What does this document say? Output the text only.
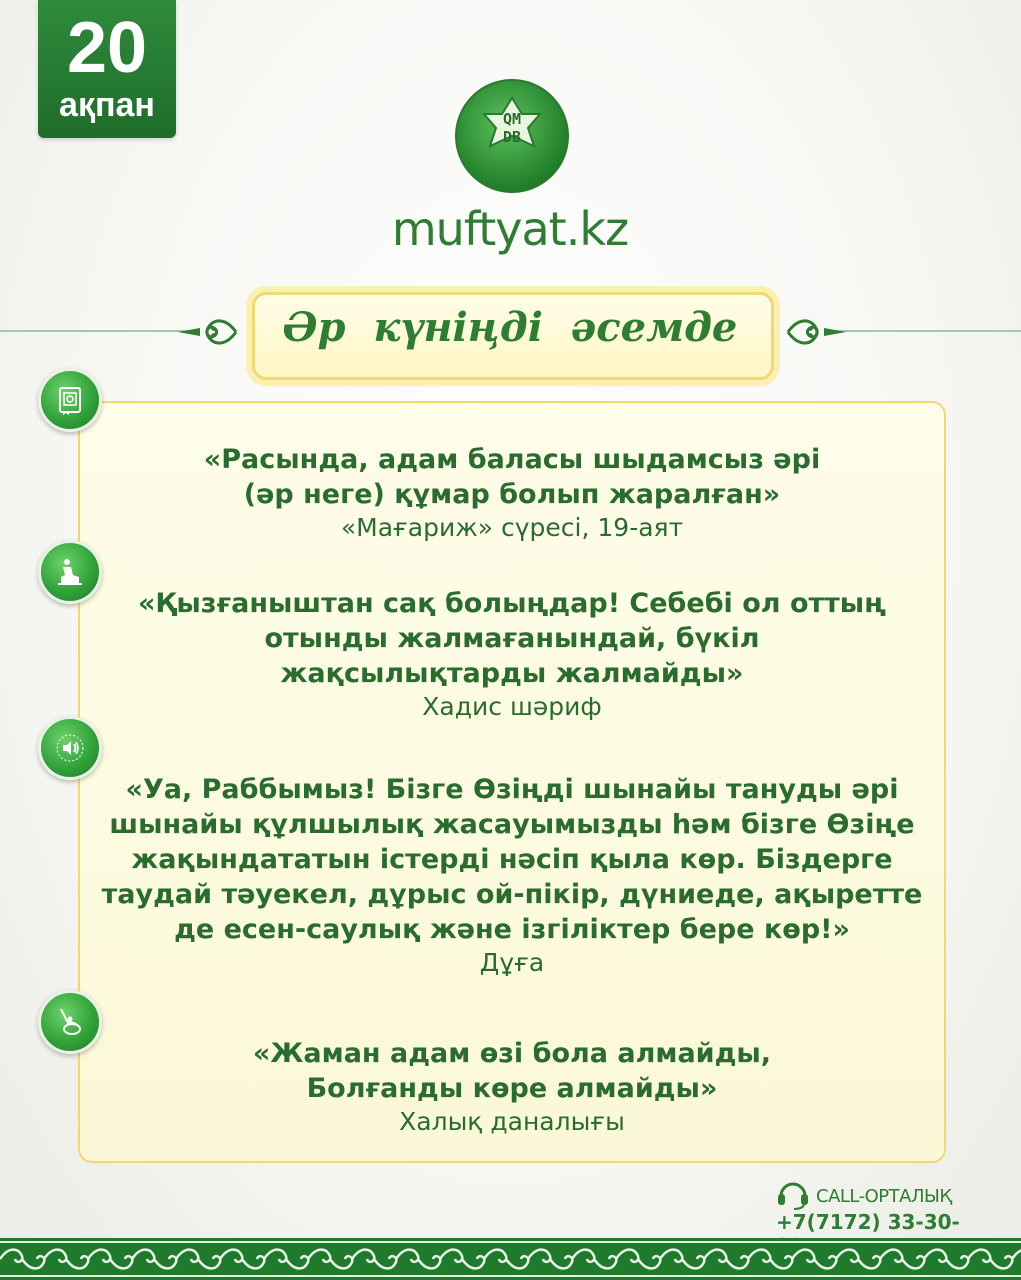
20
ақпан	QM
DB
muftyat.kz
Әр күніңді әсемде
«Расында, адам баласы шыдамсыз әрі
(әр неге) құмар болып жаралған»
«Мағариж» сүресі, 19-аят
«Қызғаныштан сақ болыңдар! Себебі ол оттың
отынды жалмағанындай, бүкіл
жақсылықтарды жалмайды»
Хадис шәриф
«Уа, Раббымыз! Бізге Өзіңді шынайы тануды әрі
шынайы құлшылық жасауымызды һәм бізге Өзіңе
жақындататын істерді нәсіп қыла көр. Біздерге
таудай тәуекел, дұрыс ой-пікір, дүниеде, ақыретте
де есен-саулық және ізгіліктер бере көр!»
Дұға
«Жаман адам өзі бола алмайды,
Болғанды көре алмайды»
Халық даналығы
CALL-ОРТАЛЫҚ
+7(7172) 33-30-
